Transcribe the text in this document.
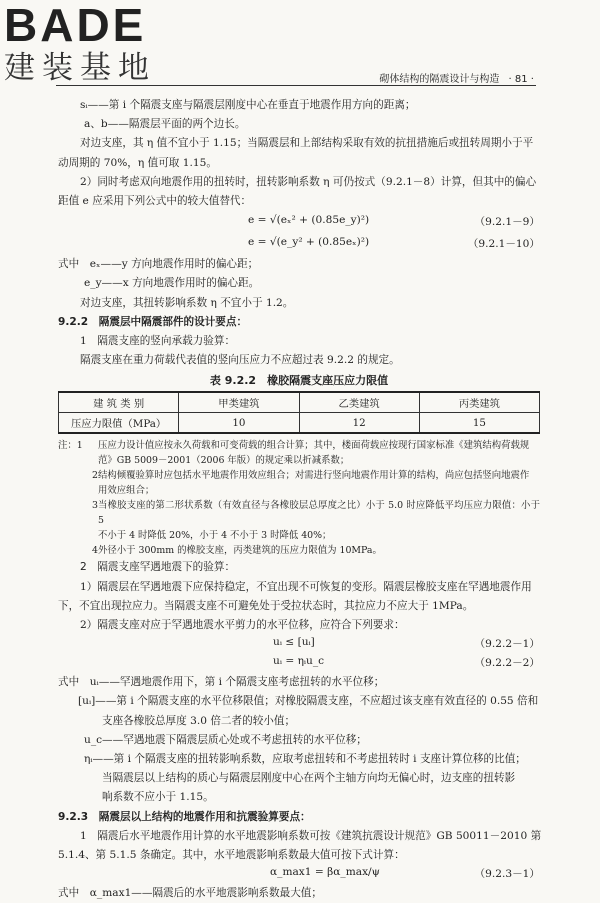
BADE
建装基地	砌体结构的隔震设计与构造 · 81 ·
sᵢ——第 i 个隔震支座与隔震层刚度中心在垂直于地震作用方向的距离；
a、b——隔震层平面的两个边长。
对边支座，其 η 值不宜小于 1.15；当隔震层和上部结构采取有效的抗扭措施后或扭转周期小于平
动周期的 70%，η 值可取 1.15。
2）同时考虑双向地震作用的扭转时，扭转影响系数 η 可仍按式（9.2.1－8）计算，但其中的偏心
距值 e 应采用下列公式中的较大值替代：
e = √(eₓ² + (0.85e_y)²)	（9.2.1－9）
e = √(e_y² + (0.85eₓ)²)	（9.2.1－10）
式中　eₓ——y 方向地震作用时的偏心距；
e_y——x 方向地震作用时的偏心距。
对边支座，其扭转影响系数 η 不宜小于 1.2。
9.2.2　隔震层中隔震部件的设计要点：
1　隔震支座的竖向承载力验算：
隔震支座在重力荷载代表值的竖向压应力不应超过表 9.2.2 的规定。
表 9.2.2　橡胶隔震支座压应力限值
建 筑 类 别	甲类建筑	乙类建筑	丙类建筑
压应力限值（MPa）	10	12	15
注：1	压应力设计值应按永久荷载和可变荷载的组合计算；其中，楼面荷载应按现行国家标准《建筑结构荷载规
范》GB 5009－2001（2006 年版）的规定乘以折减系数；
2 结构倾覆验算时应包括水平地震作用效应组合；对需进行竖向地震作用计算的结构，尚应包括竖向地震作
用效应组合；
3 当橡胶支座的第二形状系数（有效直径与各橡胶层总厚度之比）小于 5.0 时应降低平均压应力限值：小于 5
不小于 4 时降低 20%，小于 4 不小于 3 时降低 40%；
4 外径小于 300mm 的橡胶支座，丙类建筑的压应力限值为 10MPa。
2　隔震支座罕遇地震下的验算：
1）隔震层在罕遇地震下应保持稳定，不宜出现不可恢复的变形。隔震层橡胶支座在罕遇地震作用
下，不宜出现拉应力。当隔震支座不可避免处于受拉状态时，其拉应力不应大于 1MPa。
2）隔震支座对应于罕遇地震水平剪力的水平位移，应符合下列要求：
uᵢ ≤ [uᵢ]	（9.2.2－1）
uᵢ = ηᵢu_c	（9.2.2－2）
式中　uᵢ——罕遇地震作用下，第 i 个隔震支座考虑扭转的水平位移；
[uᵢ]——第 i 个隔震支座的水平位移限值；对橡胶隔震支座，不应超过该支座有效直径的 0.55 倍和
支座各橡胶总厚度 3.0 倍二者的较小值；
u_c——罕遇地震下隔震层质心处或不考虑扭转的水平位移；
ηᵢ——第 i 个隔震支座的扭转影响系数，应取考虑扭转和不考虑扭转时 i 支座计算位移的比值；
当隔震层以上结构的质心与隔震层刚度中心在两个主轴方向均无偏心时，边支座的扭转影
响系数不应小于 1.15。
9.2.3　隔震层以上结构的地震作用和抗震验算要点：
1　隔震后水平地震作用计算的水平地震影响系数可按《建筑抗震设计规范》GB 50011－2010 第
5.1.4、第 5.1.5 条确定。其中，水平地震影响系数最大值可按下式计算：
α_max1 = βα_max/ψ	（9.2.3－1）
式中　α_max1——隔震后的水平地震影响系数最大值；
